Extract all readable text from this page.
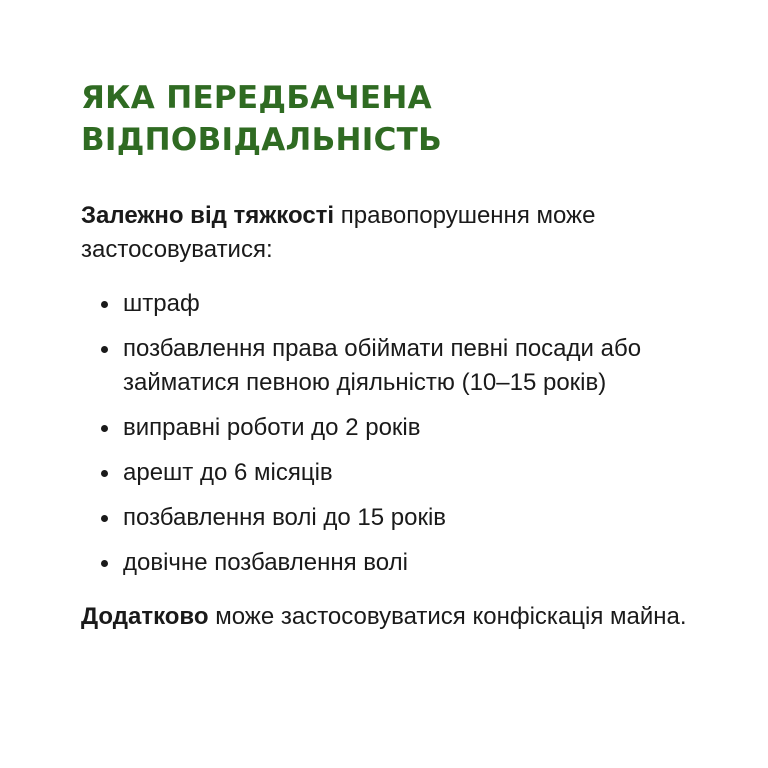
ЯКА ПЕРЕДБАЧЕНА
ВІДПОВІДАЛЬНІСТЬ

Залежно від тяжкості правопорушення може застосовуватися:

штраф
позбавлення права обіймати певні посади або займатися певною діяльністю (10–15 років)
виправні роботи до 2 років
арешт до 6 місяців
позбавлення волі до 15 років
довічне позбавлення волі

Додатково може застосовуватися конфіскація майна.
